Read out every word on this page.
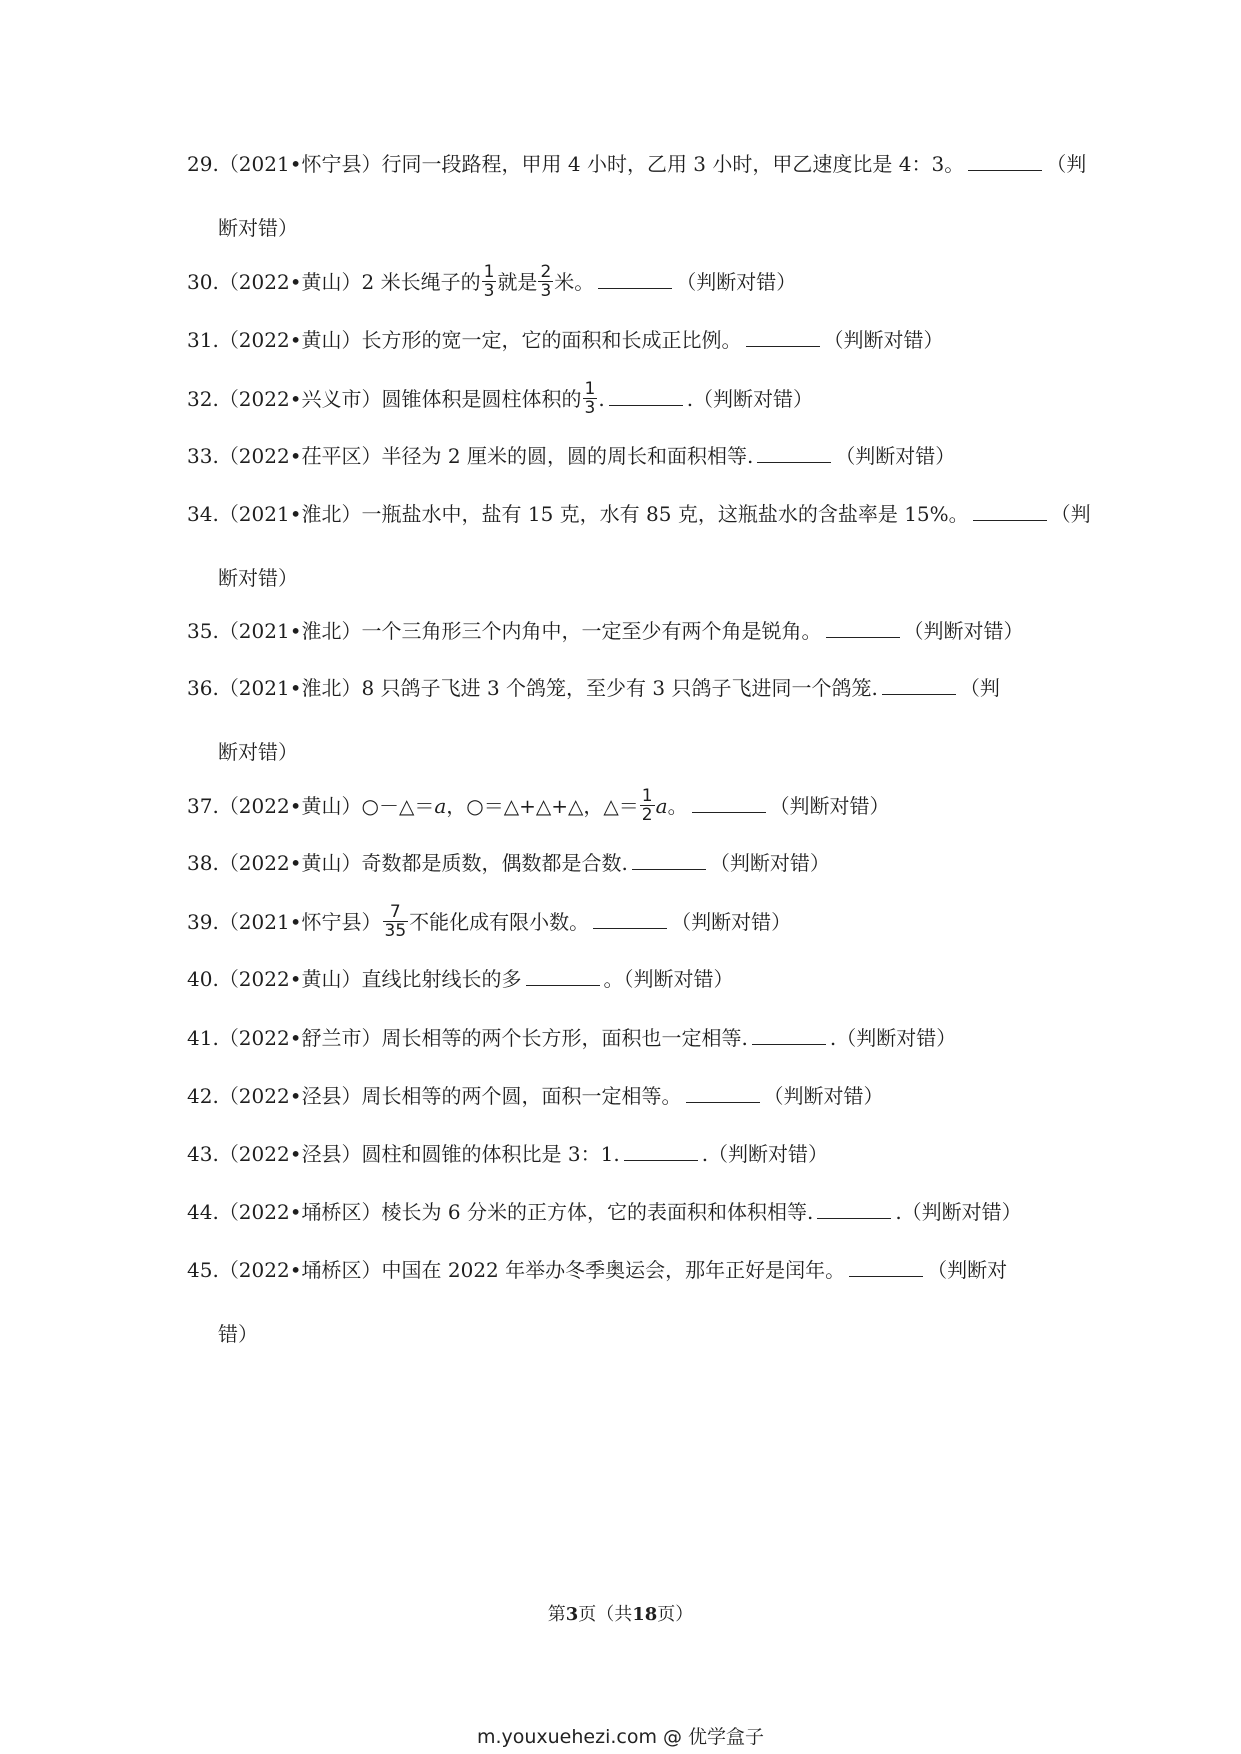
29.（2021•怀宁县）行同一段路程，甲用 4 小时，乙用 3 小时，甲乙速度比是 4：3。	（判
断对错）
30.（2022•黄山）2 米长绳子的 $\frac{1}{3}$ 就是 $\frac{2}{3}$ 米。	（判断对错）
31.（2022•黄山）长方形的宽一定，它的面积和长成正比例。	（判断对错）
32.（2022•兴义市）圆锥体积是圆柱体积的 $\frac{1}{3}$ .	.（判断对错）
33.（2022•茌平区）半径为 2 厘米的圆，圆的周长和面积相等.	（判断对错）
34.（2021•淮北）一瓶盐水中，盐有 15 克，水有 85 克，这瓶盐水的含盐率是 15%。	（判
断对错）
35.（2021•淮北）一个三角形三个内角中，一定至少有两个角是锐角。	（判断对错）
36.（2021•淮北）8 只鸽子飞进 3 个鸽笼，至少有 3 只鸽子飞进同一个鸽笼.	（判
断对错）
37.（2022•黄山）○－△＝a，○＝△+△+△，△＝ $\frac{1}{2}$ a。	（判断对错）
38.（2022•黄山）奇数都是质数，偶数都是合数.	（判断对错）
39.（2021•怀宁县） $\frac{7}{35}$ 不能化成有限小数。	（判断对错）
40.（2022•黄山）直线比射线长的多	。（判断对错）
41.（2022•舒兰市）周长相等的两个长方形，面积也一定相等.	.（判断对错）
42.（2022•泾县）周长相等的两个圆，面积一定相等。	（判断对错）
43.（2022•泾县）圆柱和圆锥的体积比是 3：1.	.（判断对错）
44.（2022•埇桥区）棱长为 6 分米的正方体，它的表面积和体积相等.	.（判断对错）
45.（2022•埇桥区）中国在 2022 年举办冬季奥运会，那年正好是闰年。	（判断对
错）
第3页（共18页）
m.youxuehezi.com @ 优学盒子
